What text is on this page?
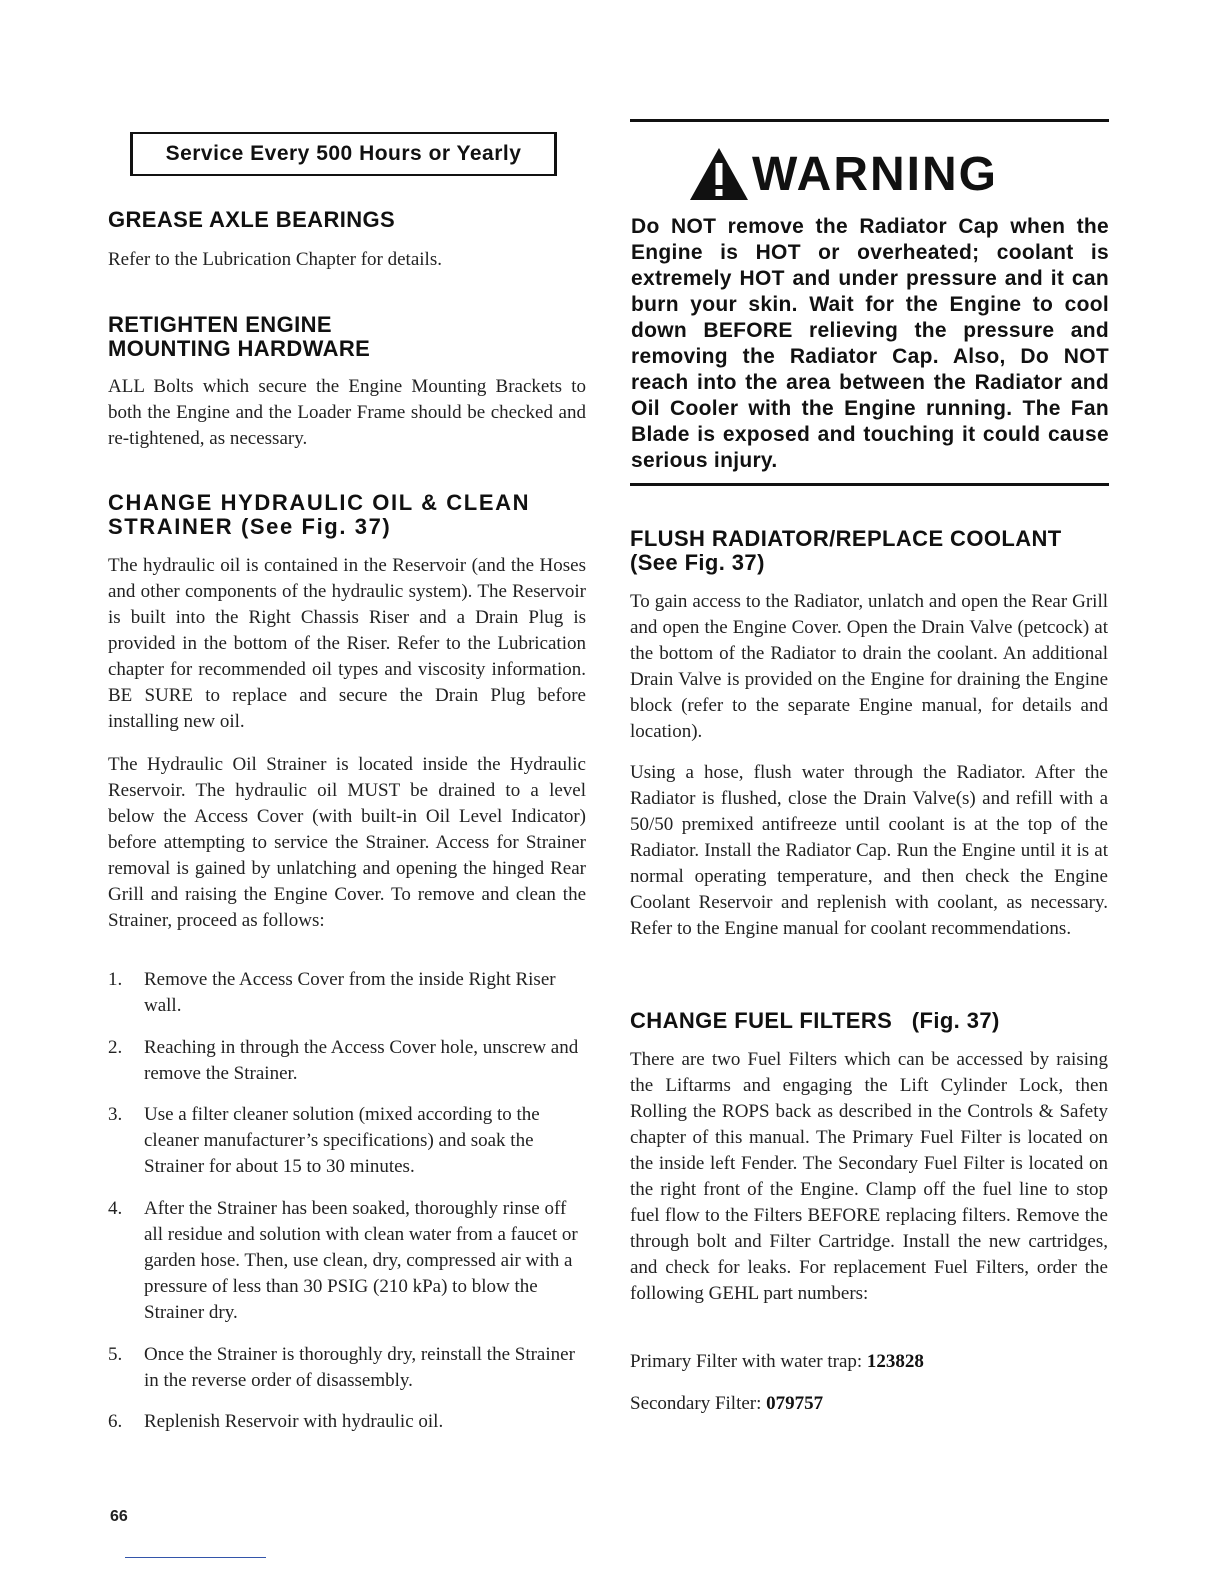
Service Every 500 Hours or Yearly
GREASE AXLE BEARINGS

Refer to the Lubrication Chapter for details.

RETIGHTEN ENGINE
MOUNTING HARDWARE

ALL Bolts which secure the Engine Mounting Brackets to both the Engine and the Loader Frame should be checked and re-tightened, as necessary.

CHANGE HYDRAULIC OIL & CLEAN
STRAINER (See Fig. 37)

The hydraulic oil is contained in the Reservoir (and the Hoses and other components of the hydraulic system). The Reservoir is built into the Right Chassis Riser and a Drain Plug is provided in the bottom of the Riser. Refer to the Lubrication chapter for recommended oil types and viscosity information. BE SURE to replace and secure the Drain Plug before installing new oil.

The Hydraulic Oil Strainer is located inside the Hydraulic Reservoir. The hydraulic oil MUST be drained to a level below the Access Cover (with built-in Oil Level Indicator) before attempting to service the Strainer. Access for Strainer removal is gained by unlatching and opening the hinged Rear Grill and raising the Engine Cover. To remove and clean the Strainer, proceed as follows:

1.	Remove the Access Cover from the inside Right Riser wall.
2.	Reaching in through the Access Cover hole, unscrew and remove the Strainer.
3.	Use a filter cleaner solution (mixed according to the cleaner manufacturer’s specifications) and soak the Strainer for about 15 to 30 minutes.
4.	After the Strainer has been soaked, thoroughly rinse off all residue and solution with clean water from a faucet or garden hose. Then, use clean, dry, compressed air with a pressure of less than 30 PSIG (210 kPa) to blow the Strainer dry.
5.	Once the Strainer is thoroughly dry, reinstall the Strainer in the reverse order of disassembly.
6.	Replenish Reservoir with hydraulic oil.
66
WARNING

Do NOT remove the Radiator Cap when the Engine is HOT or overheated; coolant is extremely HOT and under pressure and it can burn your skin. Wait for the Engine to cool down BEFORE relieving the pressure and removing the Radiator Cap. Also, Do NOT reach into the area between the Radiator and Oil Cooler with the Engine running. The Fan Blade is exposed and touching it could cause serious injury.

FLUSH RADIATOR/REPLACE COOLANT
(See Fig. 37)

To gain access to the Radiator, unlatch and open the Rear Grill and open the Engine Cover. Open the Drain Valve (petcock) at the bottom of the Radiator to drain the coolant. An additional Drain Valve is provided on the Engine for draining the Engine block (refer to the separate Engine manual, for details and location).

Using a hose, flush water through the Radiator. After the Radiator is flushed, close the Drain Valve(s) and refill with a 50/50 premixed antifreeze until coolant is at the top of the Radiator. Install the Radiator Cap. Run the Engine until it is at normal operating temperature, and then check the Engine Coolant Reservoir and replenish with coolant, as necessary. Refer to the Engine manual for coolant recommendations.

CHANGE FUEL FILTERS   (Fig. 37)

There are two Fuel Filters which can be accessed by raising the Liftarms and engaging the Lift Cylinder Lock, then Rolling the ROPS back as described in the Controls & Safety chapter of this manual. The Primary Fuel Filter is located on the inside left Fender. The Secondary Fuel Filter is located on the right front of the Engine. Clamp off the fuel line to stop fuel flow to the Filters BEFORE replacing filters. Remove the through bolt and Filter Cartridge. Install the new cartridges, and check for leaks. For replacement Fuel Filters, order the following GEHL part numbers:

Primary Filter with water trap: 123828

Secondary Filter: 079757
